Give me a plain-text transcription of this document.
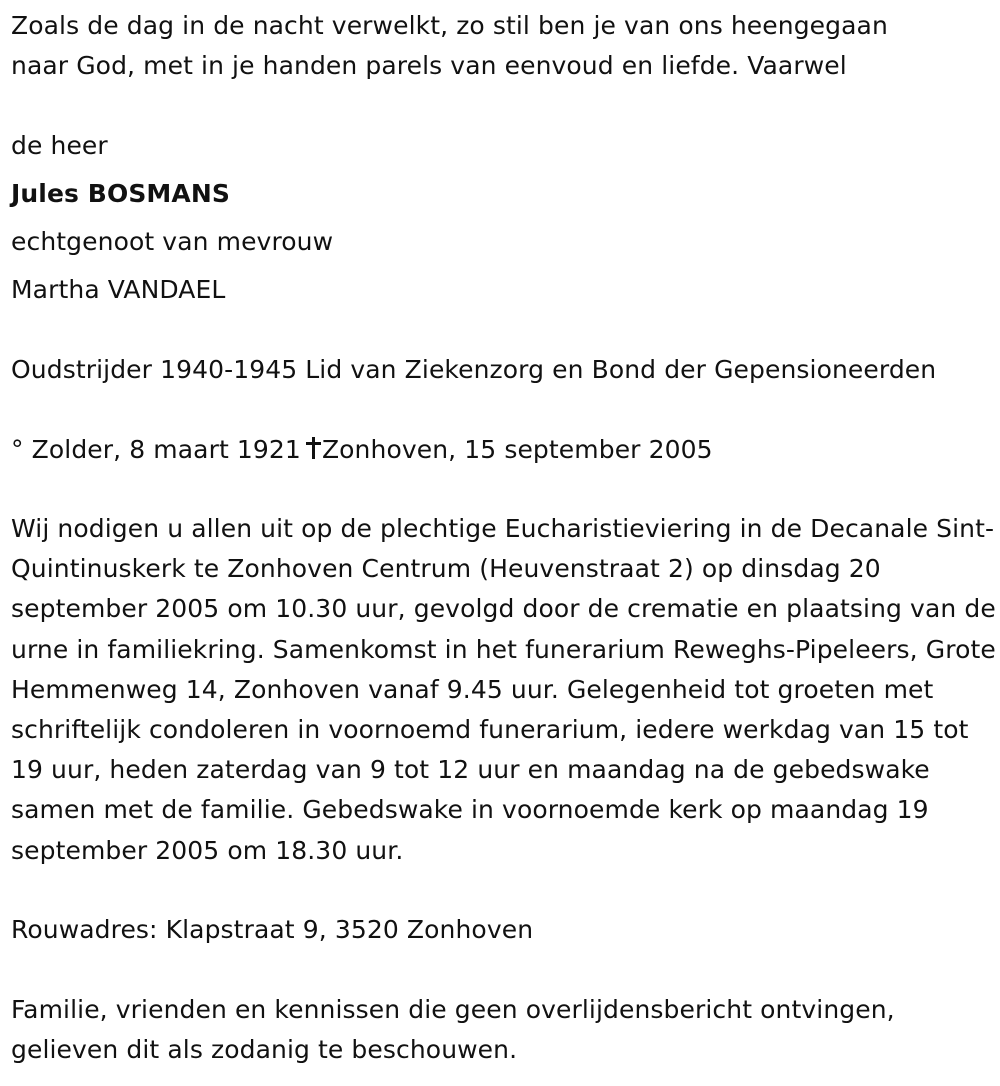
Zoals de dag in de nacht verwelkt, zo stil ben je van ons heengegaan
naar God, met in je handen parels van eenvoud en liefde. Vaarwel
de heer
Jules BOSMANS
echtgenoot van mevrouw
Martha VANDAEL
Oudstrijder 1940-1945 Lid van Ziekenzorg en Bond der Gepensioneerden
° Zolder, 8 maart 1921 Zonhoven, 15 september 2005
Wij nodigen u allen uit op de plechtige Eucharistieviering in de Decanale Sint-Quintinuskerk te Zonhoven Centrum (Heuvenstraat 2) op dinsdag 20 september 2005 om 10.30 uur, gevolgd door de crematie en plaatsing van de urne in familiekring. Samenkomst in het funerarium Reweghs-Pipeleers, Grote Hemmenweg 14, Zonhoven vanaf 9.45 uur. Gelegenheid tot groeten met schriftelijk condoleren in voornoemd funerarium, iedere werkdag van 15 tot 19 uur, heden zaterdag van 9 tot 12 uur en maandag na de gebedswake samen met de familie. Gebedswake in voornoemde kerk op maandag 19 september 2005 om 18.30 uur.
Rouwadres: Klapstraat 9, 3520 Zonhoven
Familie, vrienden en kennissen die geen overlijdensbericht ontvingen, gelieven dit als zodanig te beschouwen.
